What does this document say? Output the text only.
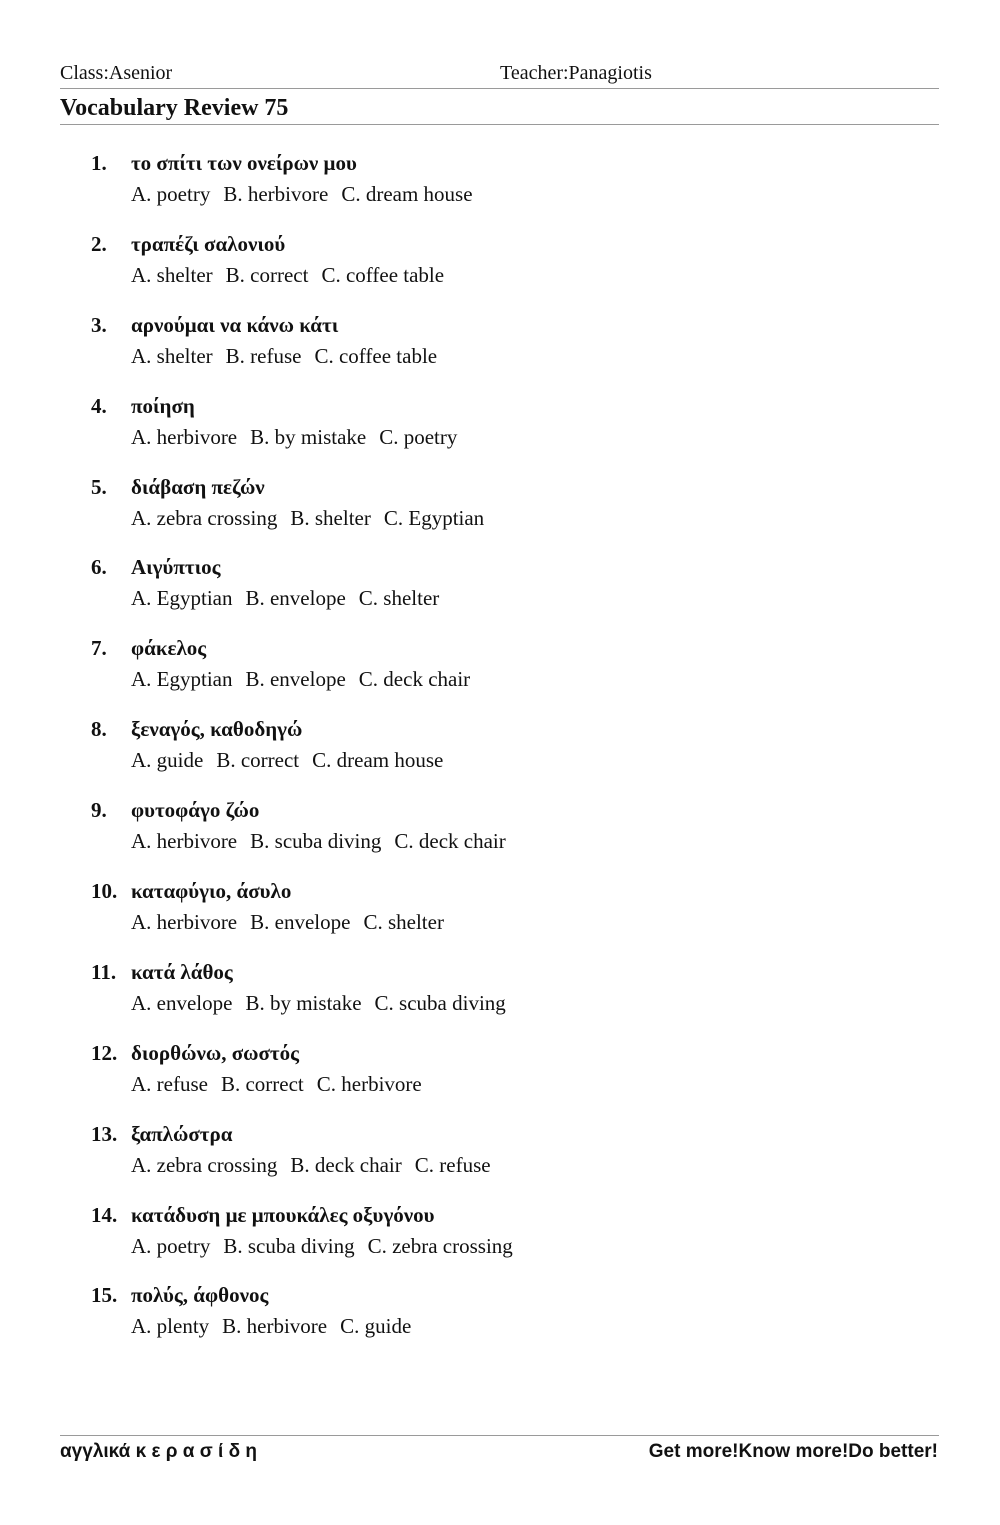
Class:Asenior	Teacher:Panagiotis
Vocabulary Review 75
1. το σπίτι των ονείρων μου
A. poetry B. herbivore C. dream house
2. τραπέζι σαλονιού
A. shelter B. correct C. coffee table
3. αρνούμαι να κάνω κάτι
A. shelter B. refuse C. coffee table
4. ποίηση
A. herbivore B. by mistake C. poetry
5. διάβαση πεζών
A. zebra crossing B. shelter C. Egyptian
6. Αιγύπτιος
A. Egyptian B. envelope C. shelter
7. φάκελος
A. Egyptian B. envelope C. deck chair
8. ξεναγός, καθοδηγώ
A. guide B. correct C. dream house
9. φυτοφάγο ζώο
A. herbivore B. scuba diving C. deck chair
10. καταφύγιο, άσυλο
A. herbivore B. envelope C. shelter
11. κατά λάθος
A. envelope B. by mistake C. scuba diving
12. διορθώνω, σωστός
A. refuse B. correct C. herbivore
13. ξαπλώστρα
A. zebra crossing B. deck chair C. refuse
14. κατάδυση με μπουκάλες οξυγόνου
A. poetry B. scuba diving C. zebra crossing
15. πολύς, άφθονος
A. plenty B. herbivore C. guide
αγγλικά κ ε ρ α σ ί δ η	Get more!Know more!Do better!
